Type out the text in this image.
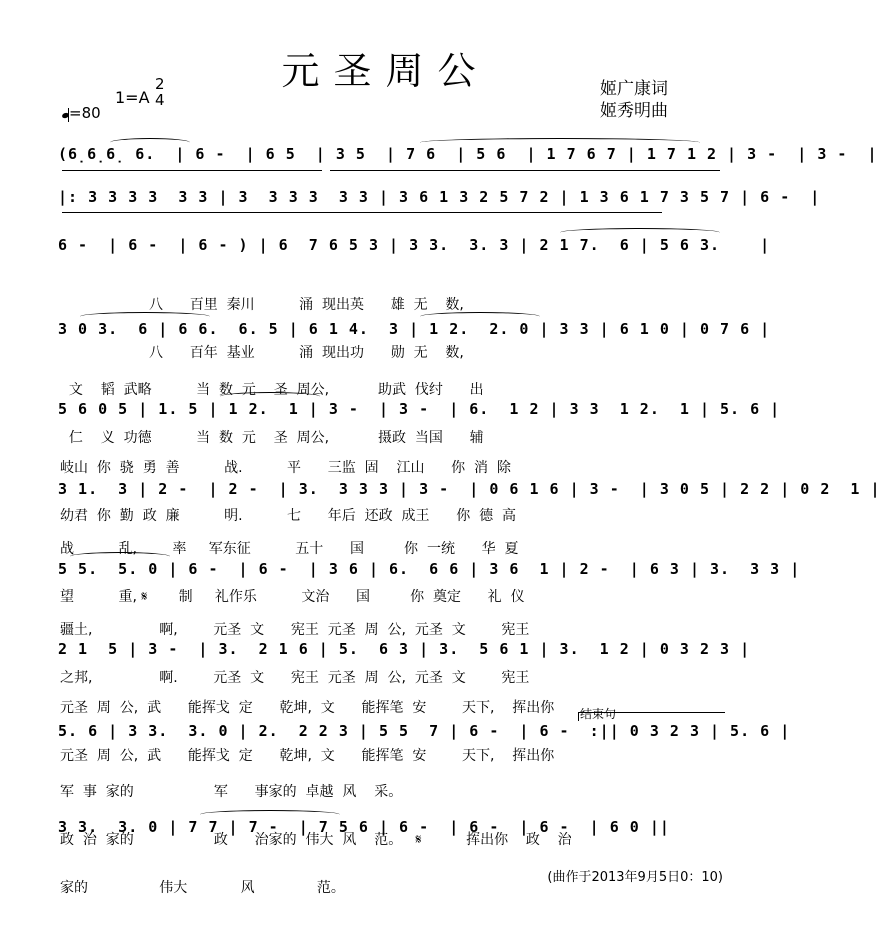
元圣周公
1=A
2
4
=80
姬广康词
姬秀明曲
(6̣6̣6̣ 6.  | 6 -  | 6 5  | 3 5  | 7 6  | 5 6  | 1 7 6 7 | 1 7 1 2 | 3 -  | 3 -  |
|: 3 3 3 3  3 3 | 3  3 3 3  3 3 | 3 6 1 3 2 5 7 2 | 1 3 6 1 7 3 5 7 | 6 -  |
6 -  | 6 -  | 6 - ) | 6  7 6 5 3 | 3 3.  3. 3 | 2 1 7.  6 | 5 6 3.    |
3 0 3.  6 | 6 6.  6. 5 | 6 1 4.  3 | 1 2.  2. 0 | 3 3 | 6 1 0 | 0 7 6 |
5 6 0 5 | 1. 5 | 1 2.  1 | 3 -  | 3 -  | 6.  1 2 | 3 3  1 2.  1 | 5. 6 |
3 1.  3 | 2 -  | 2 -  | 3.  3 3 3 | 3 -  | 0 6 1 6 | 3 -  | 3 0 5 | 2 2 | 0 2  1 |
5 5.  5. 0 | 6 -  | 6 -  | 3 6 | 6.  6 6 | 3 6  1 | 2 -  | 6 3 | 3.  3 3 |
2 1  5 | 3 -  | 3.  2 1 6 | 5.  6 3 | 3.  5 6 1 | 3.  1 2 | 0 3 2 3 |
5. 6 | 3 3.  3. 0 | 2.  2 2 3 | 5 5  7 | 6 -  | 6 -  :|| 0 3 2 3 | 5. 6 |
3 3.  3. 0 | 7 7 | 7 -  | 7 5 6 | 6 -  | 6 -  | 6 -  | 6 0 ||

八      百里  秦川          涌  现出英      雄  无    数,

八      百年  基业          涌  现出功      勋  无    数,

文    韬  武略          当  数  元    圣  周公,           助武  伐纣      出

仁    义  功德          当  数  元    圣  周公,           摄政  当国      辅

岐山  你  骁  勇  善          战.          平      三监  固    江山      你  消  除

幼君  你  勤  政  廉          明.          七      年后  还政  成王      你  德  高

战          乱,        率     军东征          五十      国         你  一统      华  夏

望          重, 𝄋       制     礼作乐          文治      国         你  奠定      礼  仪

疆土,               啊,        元圣  文      宪王  元圣  周  公,  元圣  文        宪王

之邦,               啊.        元圣  文      宪王  元圣  周  公,  元圣  文        宪王

元圣  周  公,  武      能挥戈  定      乾坤,  文      能挥笔  安        天下,    挥出你

元圣  周  公,  武      能挥戈  定      乾坤,  文      能挥笔  安        天下,    挥出你

军  事  家的                  军      事家的  卓越  风    采。

政  治  家的                  政      治家的  伟大  风    范。   𝄋          挥出你    政    治

家的                伟大            风              范。

结束句
(曲作于2013年9月5日0：10)
